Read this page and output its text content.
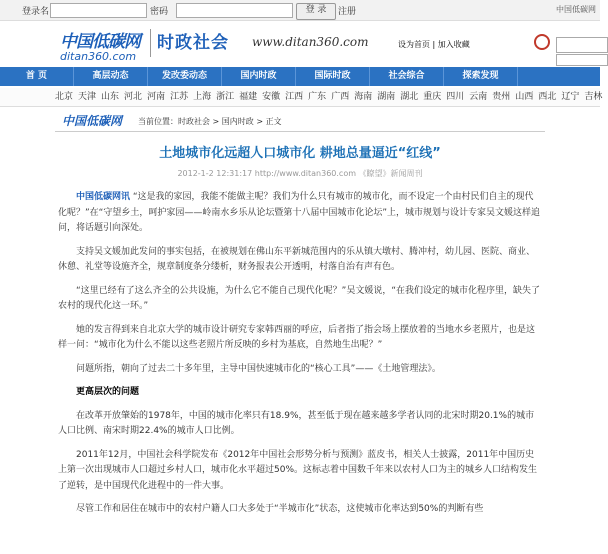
登录名	密码	登 录	注册	中国低碳网
中国低碳网
ditan360.com
时政社会	www.ditan360.com	设为首页 | 加入收藏
首 页	高层动态	发改委动态	国内时政	国际时政	社会综合	探索发现
北京 天津 山东 河北 河南 江苏 上海 浙江 福建 安徽 江西 广东 广西 海南 湖南 湖北 重庆 四川 云南 贵州 山西 西北 辽宁 吉林
中国低碳网 当前位置：时政社会 > 国内时政 > 正文
土地城市化远超人口城市化 耕地总量逼近“红线”
2012-1-2 12:31:17 http://www.ditan360.com 《瞭望》新闻周刊

中国低碳网讯 “这是我的家园，我能不能做主呢？我们为什么只有城市的城市化，而不设定一个由村民们自主的现代化呢？”在“守望乡土，呵护家园——岭南水乡乐从论坛暨第十八届中国城市化论坛”上，城市规划与设计专家吴文媛这样追问，将话题引向深处。

支持吴文媛加此发问的事实包括，在被规划在佛山东平新城范围内的乐从镇大墩村、腾冲村，幼儿园、医院、商业、休憩、礼堂等设施齐全，规章制度条分缕析，财务报表公开透明，村落自治有声有色。

“这里已经有了这么齐全的公共设施，为什么它不能自己现代化呢？”吴文媛说，“在我们设定的城市化程序里，缺失了农村的现代化这一环。”

她的发言得到来自北京大学的城市设计研究专家韩西丽的呼应，后者指了指会场上摆放着的当地水乡老照片，也是这样一问：“城市化为什么不能以这些老照片所反映的乡村为基底，自然地生出呢？”

问题所指，朝向了过去二十多年里，主导中国快速城市化的“核心工具”——《土地管理法》。

更高层次的问题

在改革开放肇始的1978年，中国的城市化率只有18.9%，甚至低于现在越来越多学者认同的北宋时期20.1%的城市人口比例、南宋时期22.4%的城市人口比例。

2011年12月，中国社会科学院发布《2012年中国社会形势分析与预测》蓝皮书，相关人士披露，2011年中国历史上第一次出现城市人口超过乡村人口，城市化水平超过50%。这标志着中国数千年来以农村人口为主的城乡人口结构发生了逆转，是中国现代化进程中的一件大事。

尽管工作和居住在城市中的农村户籍人口大多处于“半城市化”状态，这使城市化率达到50%的判断有些
